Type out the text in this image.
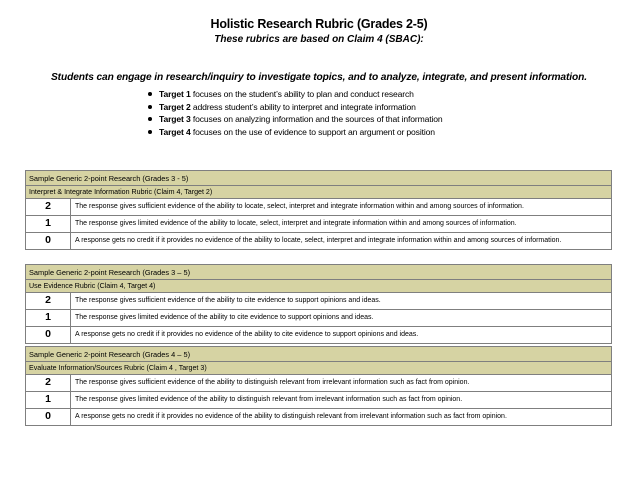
Holistic Research Rubric (Grades 2-5)
These rubrics are based on Claim 4 (SBAC):
Students can engage in research/inquiry to investigate topics, and to analyze, integrate, and present information.
Target 1 focuses on the student’s ability to plan and conduct research
Target 2 address student’s ability to interpret and integrate information
Target 3 focuses on analyzing information and the sources of that information
Target 4 focuses on the use of evidence to support an argument or position
Sample Generic 2-point Research (Grades 3 - 5)	
Interpret & Integrate Information Rubric (Claim 4, Target 2)	
2	The response gives sufficient evidence of the ability to locate, select, interpret and integrate information within and among sources of information.
1	The response gives limited evidence of the ability to locate, select, interpret and integrate information within and among sources of information.
0	A response gets no credit if it provides no evidence of the ability to locate, select, interpret and integrate information within and among sources of information.
Sample Generic 2-point Research (Grades 3 – 5)	
Use Evidence Rubric (Claim 4, Target 4)	
2	The response gives sufficient evidence of the ability to cite evidence to support opinions and ideas.
1	The response gives limited evidence of the ability to cite evidence to support opinions and ideas.
0	A response gets no credit if it provides no evidence of the ability to cite evidence to support opinions and ideas.
Sample Generic 2-point Research (Grades 4 – 5)	
Evaluate Information/Sources Rubric (Claim 4 , Target 3)	
2	The response gives sufficient evidence of the ability to distinguish relevant from irrelevant information such as fact from opinion.
1	The response gives limited evidence of the ability to distinguish relevant from irrelevant information such as fact from opinion.
0	A response gets no credit if it provides no evidence of the ability to distinguish relevant from irrelevant information such as fact from opinion.
